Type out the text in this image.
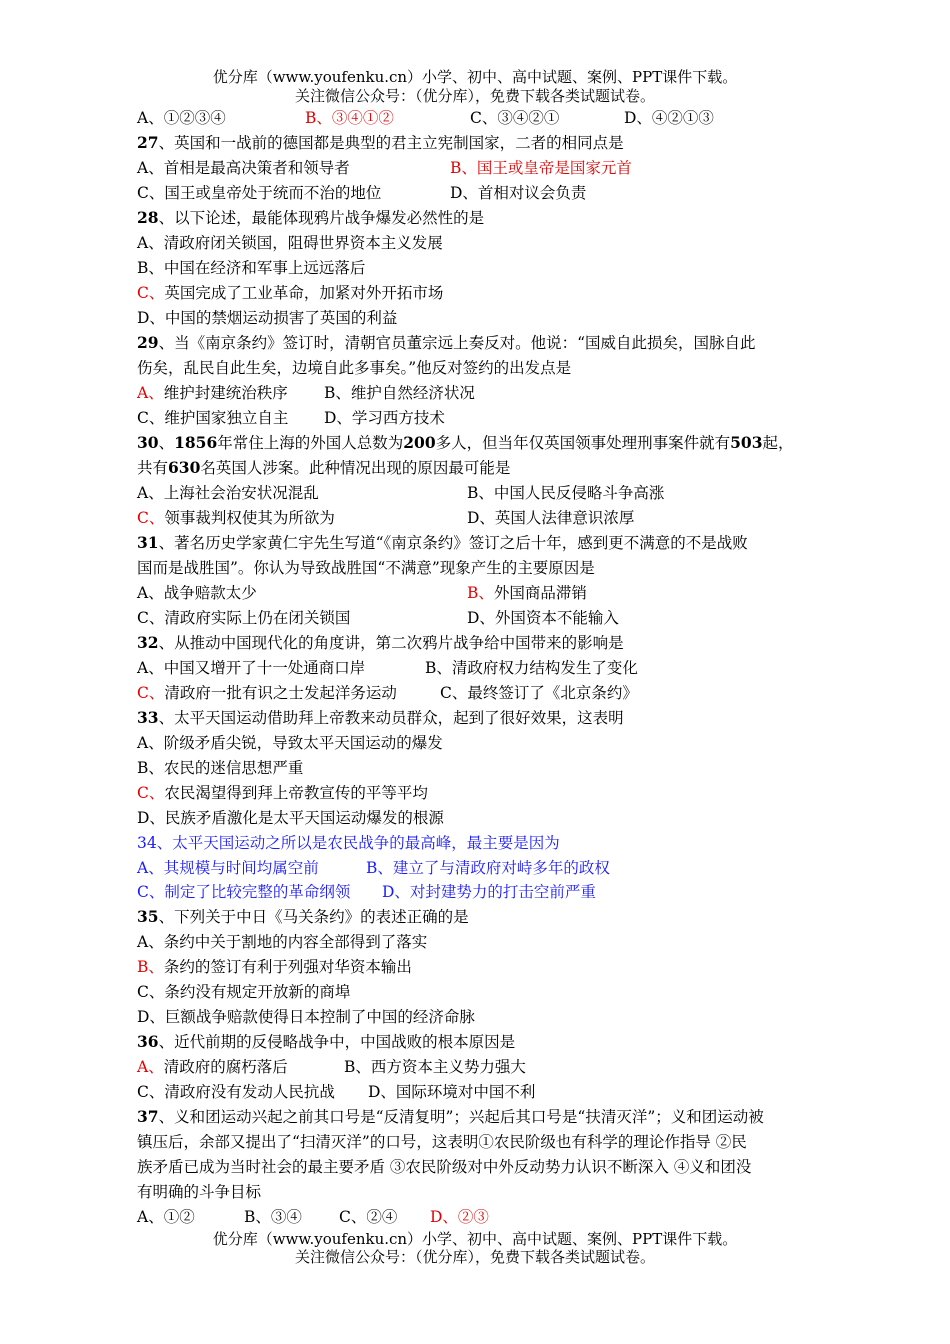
优分库（www.youfenku.cn）小学、初中、高中试题、案例、PPT课件下载。
关注微信公众号：（优分库），免费下载各类试题试卷。
A、①②③④	B、③④①②	C、③④②①	D、④②①③
27、英国和一战前的德国都是典型的君主立宪制国家，二者的相同点是
A、首相是最高决策者和领导者	B、国王或皇帝是国家元首
C、国王或皇帝处于统而不治的地位	D、首相对议会负责
28、以下论述，最能体现鸦片战争爆发必然性的是
A、清政府闭关锁国，阻碍世界资本主义发展
B、中国在经济和军事上远远落后
C、英国完成了工业革命，加紧对外开拓市场
D、中国的禁烟运动损害了英国的利益
29、当《南京条约》签订时，清朝官员董宗远上奏反对。他说：“国威自此损矣，国脉自此
伤矣，乱民自此生矣，边境自此多事矣。”他反对签约的出发点是
A、维护封建统治秩序 B、维护自然经济状况
C、维护国家独立自主 D、学习西方技术
30、1856年常住上海的外国人总数为200多人，但当年仅英国领事处理刑事案件就有503起，
共有630名英国人涉案。此种情况出现的原因最可能是
A、上海社会治安状况混乱	B、中国人民反侵略斗争高涨
C、领事裁判权使其为所欲为	D、英国人法律意识浓厚
31、著名历史学家黄仁宇先生写道“《南京条约》签订之后十年，感到更不满意的不是战败
国而是战胜国”。你认为导致战胜国“不满意”现象产生的主要原因是
A、战争赔款太少	B、外国商品滞销
C、清政府实际上仍在闭关锁国	D、外国资本不能输入
32、从推动中国现代化的角度讲，第二次鸦片战争给中国带来的影响是
A、中国又增开了十一处通商口岸	B、清政府权力结构发生了变化
C、清政府一批有识之士发起洋务运动	C、最终签订了《北京条约》
33、太平天国运动借助拜上帝教来动员群众，起到了很好效果，这表明
A、阶级矛盾尖锐，导致太平天国运动的爆发
B、农民的迷信思想严重
C、农民渴望得到拜上帝教宣传的平等平均
D、民族矛盾激化是太平天国运动爆发的根源
34、太平天国运动之所以是农民战争的最高峰，最主要是因为
A、其规模与时间均属空前	B、建立了与清政府对峙多年的政权
C、制定了比较完整的革命纲领 D、对封建势力的打击空前严重
35、下列关于中日《马关条约》的表述正确的是
A、条约中关于割地的内容全部得到了落实
B、条约的签订有利于列强对华资本输出
C、条约没有规定开放新的商埠
D、巨额战争赔款使得日本控制了中国的经济命脉
36、近代前期的反侵略战争中，中国战败的根本原因是
A、清政府的腐朽落后	B、西方资本主义势力强大
C、清政府没有发动人民抗战 D、国际环境对中国不利
37、义和团运动兴起之前其口号是“反清复明”；兴起后其口号是“扶清灭洋”；义和团运动被
镇压后，余部又提出了“扫清灭洋”的口号，这表明①农民阶级也有科学的理论作指导 ②民
族矛盾已成为当时社会的最主要矛盾 ③农民阶级对中外反动势力认识不断深入 ④义和团没
有明确的斗争目标
A、①②	B、③④ C、②④ D、②③
优分库（www.youfenku.cn）小学、初中、高中试题、案例、PPT课件下载。
关注微信公众号：（优分库），免费下载各类试题试卷。
